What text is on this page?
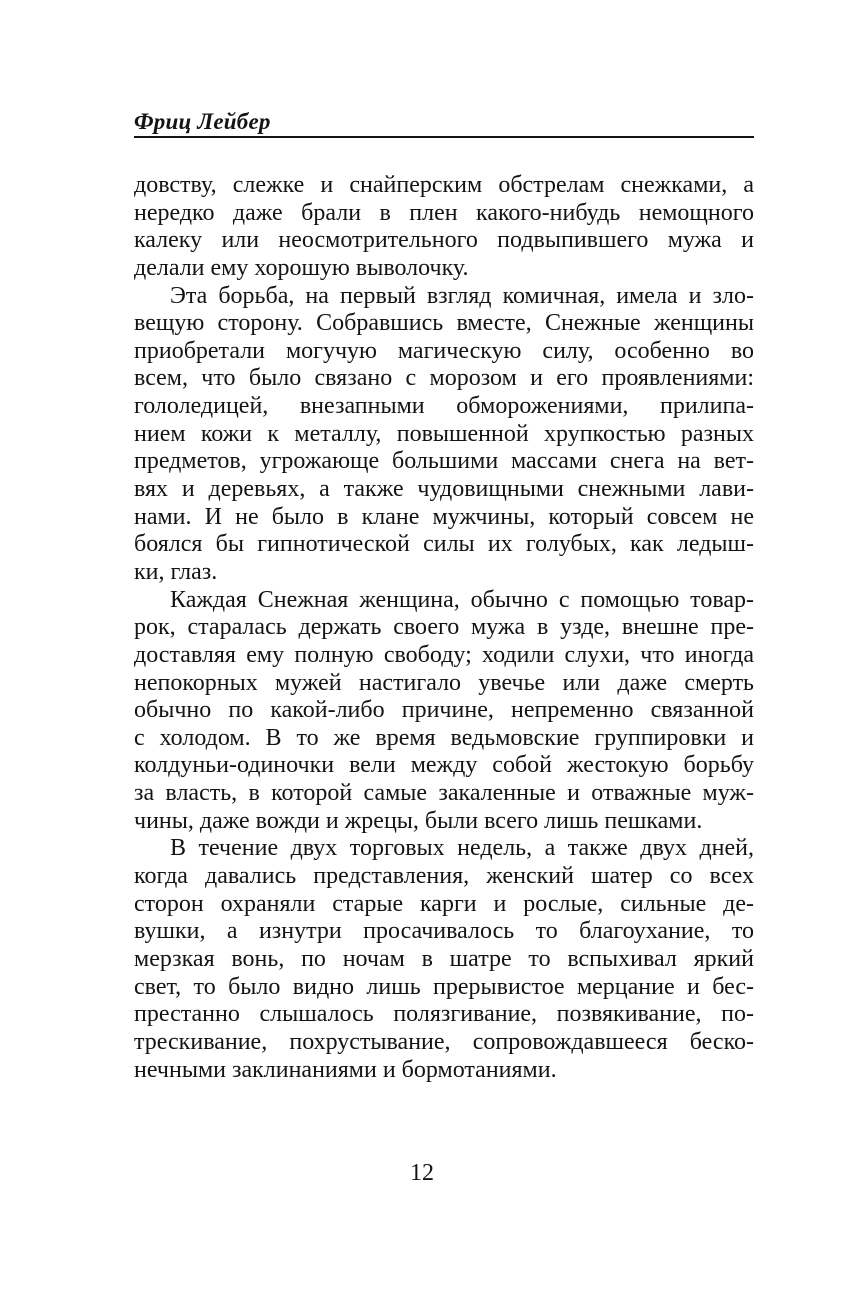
Фриц Лейбер
довству, слежке и снайперским обстрелам снежками, а
нередко даже брали в плен какого-нибудь немощного
калеку или неосмотрительного подвыпившего мужа и
делали ему хорошую выволочку.
Эта борьба, на первый взгляд комичная, имела и зло-
вещую сторону. Собравшись вместе, Снежные женщины
приобретали могучую магическую силу, особенно во
всем, что было связано с морозом и его проявлениями:
гололедицей, внезапными обморожениями, прилипа-
нием кожи к металлу, повышенной хрупкостью разных
предметов, угрожающе большими массами снега на вет-
вях и деревьях, а также чудовищными снежными лави-
нами. И не было в клане мужчины, который совсем не
боялся бы гипнотической силы их голубых, как ледыш-
ки, глаз.
Каждая Снежная женщина, обычно с помощью товар-
рок, старалась держать своего мужа в узде, внешне пре-
доставляя ему полную свободу; ходили слухи, что иногда
непокорных мужей настигало увечье или даже смерть
обычно по какой-либо причине, непременно связанной
с холодом. В то же время ведьмовские группировки и
колдуньи-одиночки вели между собой жестокую борьбу
за власть, в которой самые закаленные и отважные муж-
чины, даже вожди и жрецы, были всего лишь пешками.
В течение двух торговых недель, а также двух дней,
когда давались представления, женский шатер со всех
сторон охраняли старые карги и рослые, сильные де-
вушки, а изнутри просачивалось то благоухание, то
мерзкая вонь, по ночам в шатре то вспыхивал яркий
свет, то было видно лишь прерывистое мерцание и бес-
престанно слышалось полязгивание, позвякивание, по-
трескивание, похрустывание, сопровождавшееся беско-
нечными заклинаниями и бормотаниями.
12
